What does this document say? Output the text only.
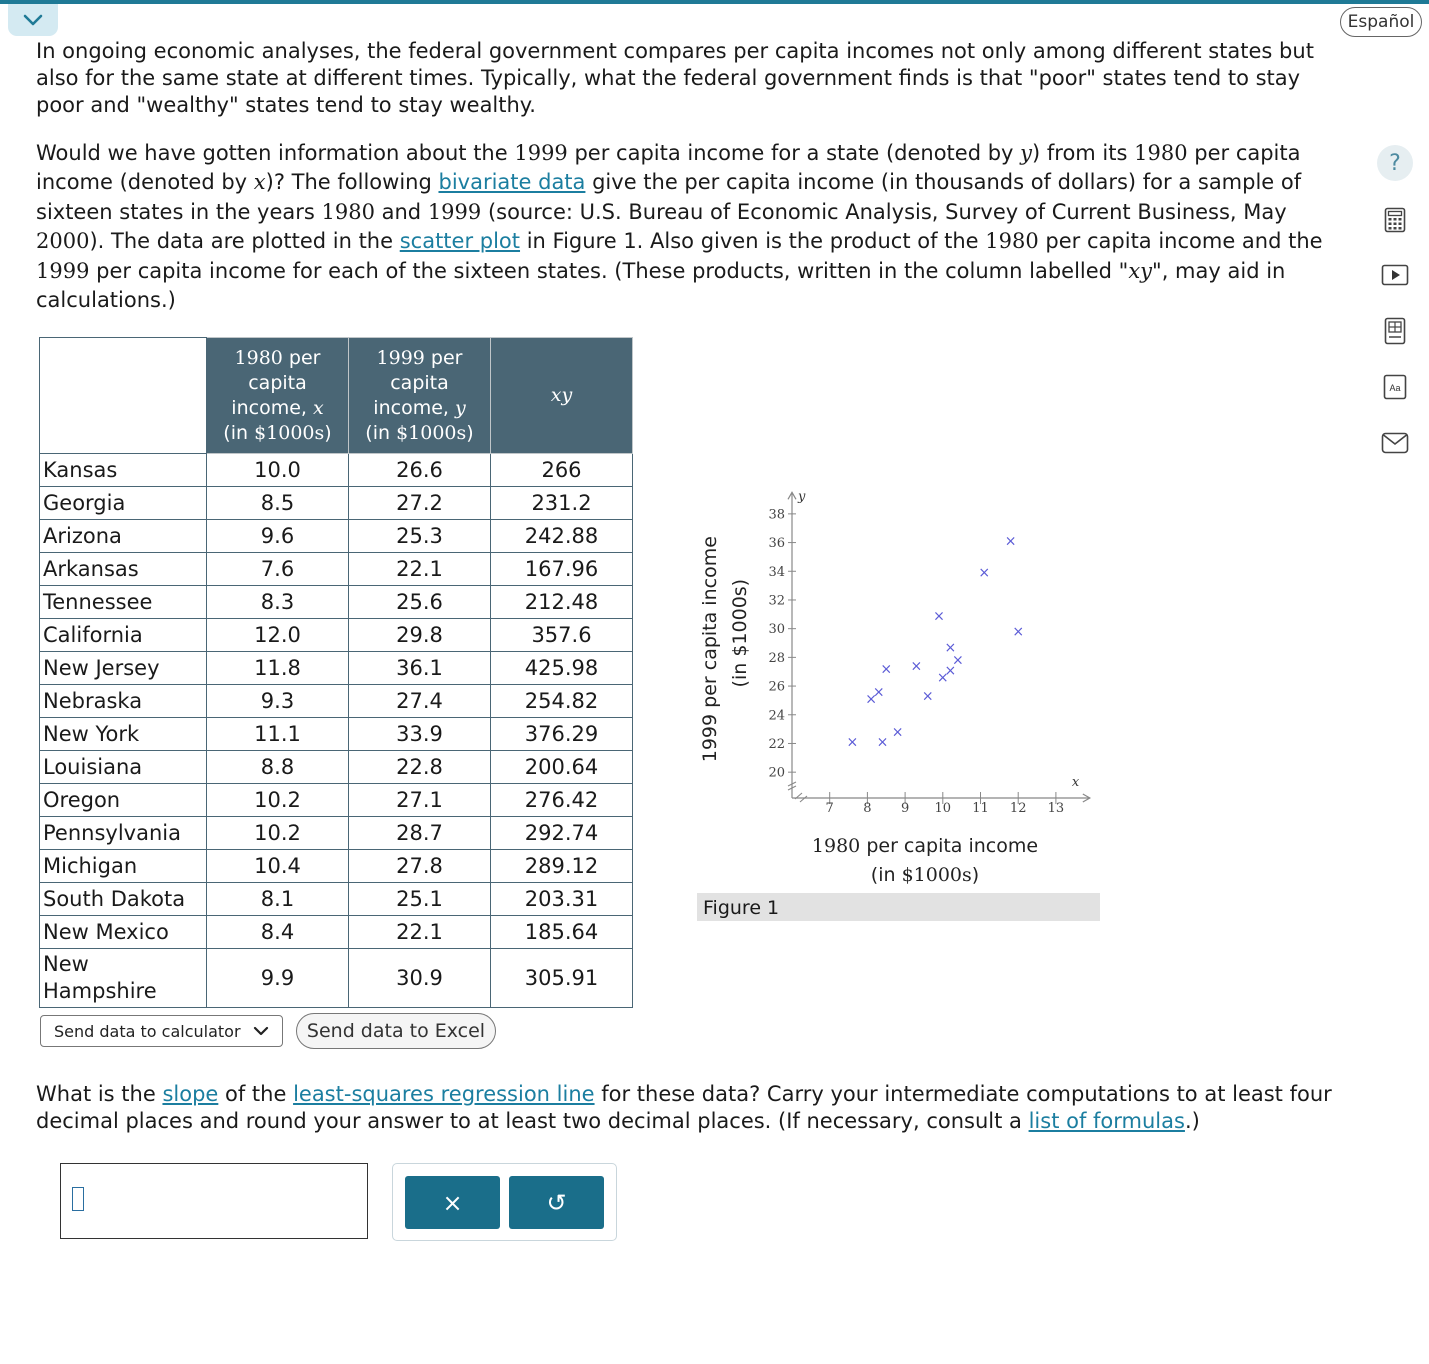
Español
?
Aa

In ongoing economic analyses, the federal government compares per capita incomes not only among different states but also for the same state at different times. Typically, what the federal government finds is that "poor" states tend to stay poor and "wealthy" states tend to stay wealthy.

Would we have gotten information about the 1999 per capita income for a state (denoted by y) from its 1980 per capita income (denoted by x)? The following bivariate data give the per capita income (in thousands of dollars) for a sample of sixteen states in the years 1980 and 1999 (source: U.S. Bureau of Economic Analysis, Survey of Current Business, May 2000). The data are plotted in the scatter plot in Figure 1. Also given is the product of the 1980 per capita income and the 1999 per capita income for each of the sixteen states. (These products, written in the column labelled "xy", may aid in calculations.)

	1980 per
capita
income, x
(in $1000s)	1999 per
capita
income, y
(in $1000s)	xy
Kansas	10.0	26.6	266
Georgia	8.5	27.2	231.2
Arizona	9.6	25.3	242.88
Arkansas	7.6	22.1	167.96
Tennessee	8.3	25.6	212.48
California	12.0	29.8	357.6
New Jersey	11.8	36.1	425.98
Nebraska	9.3	27.4	254.82
New York	11.1	33.9	376.29
Louisiana	8.8	22.8	200.64
Oregon	10.2	27.1	276.42
Pennsylvania	10.2	28.7	292.74
Michigan	10.4	27.8	289.12
South Dakota	8.1	25.1	203.31
New Mexico	8.4	22.1	185.64
New Hampshire	9.9	30.9	305.91
Send data to calculator	Send data to Excel
1999 per capita income (in $1000s)
y
x
20
22
24
26
28
30
32
34
36
38
7 8 9 10 11 12 13
×
×
×
×
×
×
×
×
×
×
×
×
×
×
×
×
1980 per capita income
(in $1000s)
Figure 1
What is the slope of the least-squares regression line for these data? Carry your intermediate computations to at least four decimal places and round your answer to at least two decimal places. (If necessary, consult a list of formulas.)
×	↺
